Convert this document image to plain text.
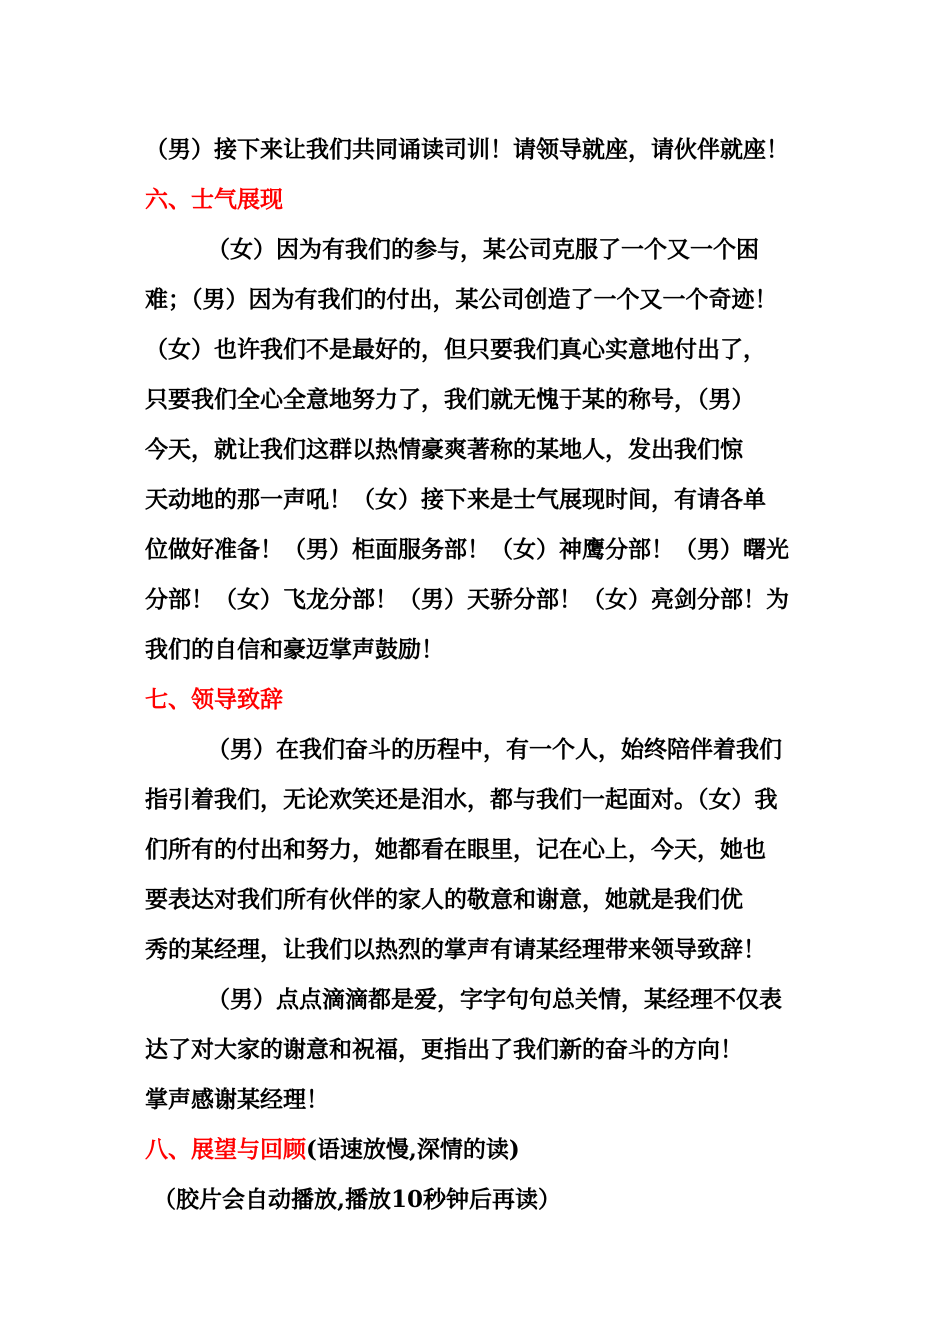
（男）接下来让我们共同诵读司训！请领导就座，请伙伴就座！
六、士气展现
（女）因为有我们的参与，某公司克服了一个又一个困
难；（男）因为有我们的付出，某公司创造了一个又一个奇迹！
（女）也许我们不是最好的，但只要我们真心实意地付出了，
只要我们全心全意地努力了，我们就无愧于某的称号，（男）
今天，就让我们这群以热情豪爽著称的某地人，发出我们惊
天动地的那一声吼！（女）接下来是士气展现时间，有请各单
位做好准备！（男）柜面服务部！（女）神鹰分部！（男）曙光
分部！（女）飞龙分部！（男）天骄分部！（女）亮剑分部！为
我们的自信和豪迈掌声鼓励！
七、领导致辞
（男）在我们奋斗的历程中，有一个人，始终陪伴着我们
指引着我们，无论欢笑还是泪水，都与我们一起面对。（女）我
们所有的付出和努力，她都看在眼里，记在心上，今天，她也
要表达对我们所有伙伴的家人的敬意和谢意，她就是我们优
秀的某经理，让我们以热烈的掌声有请某经理带来领导致辞！
（男）点点滴滴都是爱，字字句句总关情，某经理不仅表
达了对大家的谢意和祝福，更指出了我们新的奋斗的方向！
掌声感谢某经理！
八、展望与回顾(语速放慢,深情的读)
（胶片会自动播放,播放10秒钟后再读）
